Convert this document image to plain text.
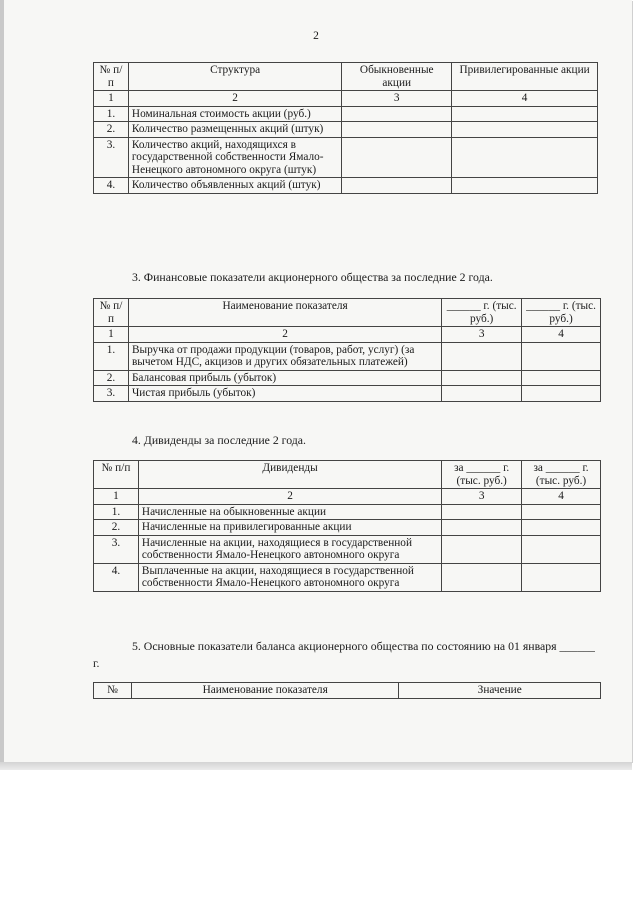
2
№ п/п	Структура	Обыкновенные акции	Привилегированные акции
1	2	3	4
1.	Номинальная стоимость акции (руб.)		
2.	Количество размещенных акций (штук)		
3.	Количество акций, находящихся в государственной собственности Ямало-Ненецкого автономного округа (штук)		
4.	Количество объявленных акций (штук)		
3. Финансовые показатели акционерного общества за последние 2 года.
№ п/п	Наименование показателя	______ г. (тыс. руб.)	______ г. (тыс. руб.)
1	2	3	4
1.	Выручка от продажи продукции (товаров, работ, услуг) (за вычетом НДС, акцизов и других обязательных платежей)		
2.	Балансовая прибыль (убыток)		
3.	Чистая прибыль (убыток)		
4. Дивиденды за последние 2 года.
№ п/п	Дивиденды	за ______ г. (тыс. руб.)	за ______ г. (тыс. руб.)
1	2	3	4
1.	Начисленные на обыкновенные акции		
2.	Начисленные на привилегированные акции		
3.	Начисленные на акции, находящиеся в государственной собственности Ямало-Ненецкого автономного округа		
4.	Выплаченные на акции, находящиеся в государственной собственности Ямало-Ненецкого автономного округа		
5. Основные показатели баланса акционерного общества по состоянию на 01 января ______ г.
№	Наименование показателя	Значение
